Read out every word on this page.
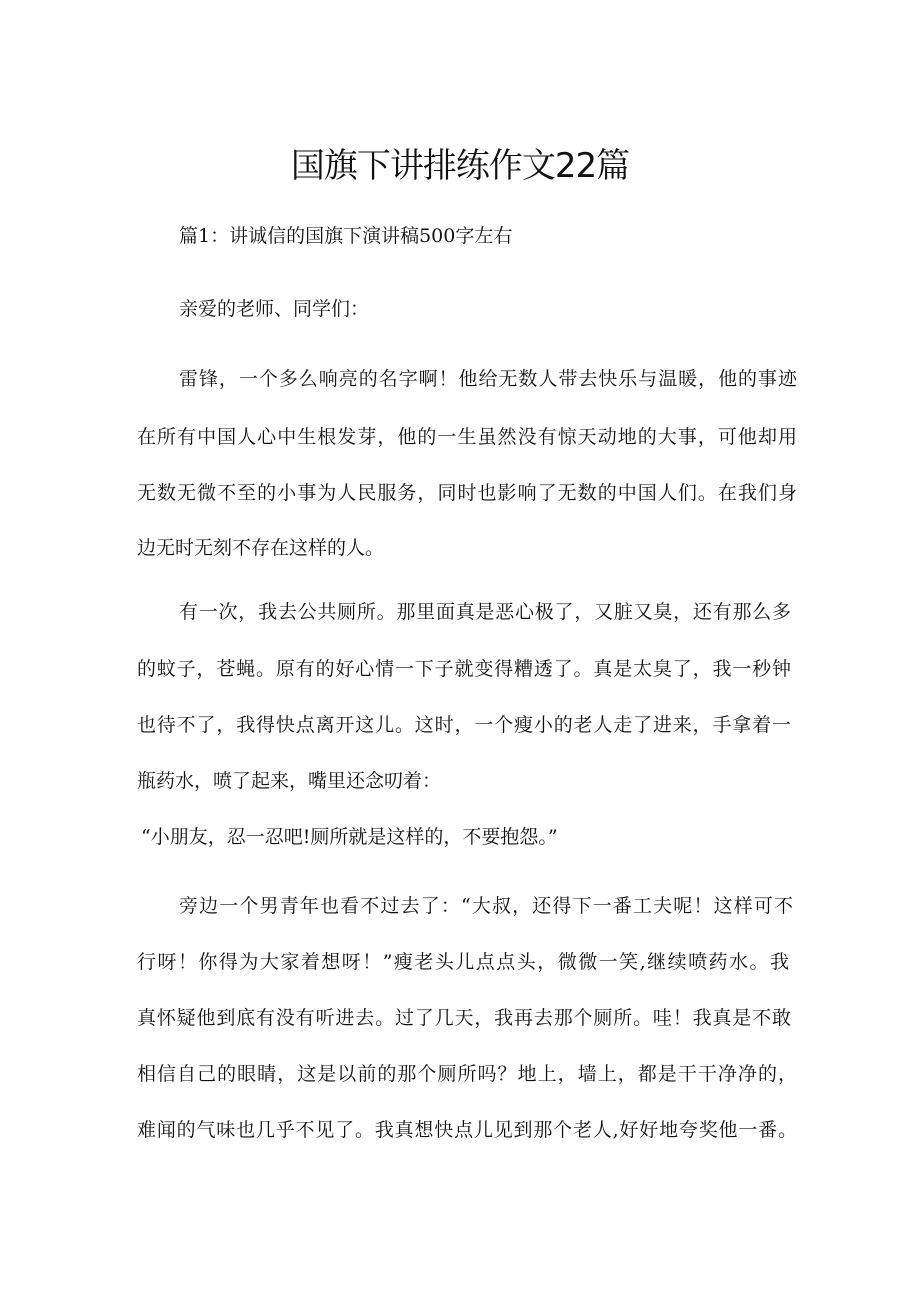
国旗下讲排练作文22篇

篇1：讲诚信的国旗下演讲稿500字左右

亲爱的老师、同学们：

雷锋，一个多么响亮的名字啊！他给无数人带去快乐与温暖，他的事迹

在所有中国人心中生根发芽，他的一生虽然没有惊天动地的大事，可他却用

无数无微不至的小事为人民服务，同时也影响了无数的中国人们。在我们身

边无时无刻不存在这样的人。

有一次，我去公共厕所。那里面真是恶心极了，又脏又臭，还有那么多

的蚊子，苍蝇。原有的好心情一下子就变得糟透了。真是太臭了，我一秒钟

也待不了，我得快点离开这儿。这时，一个瘦小的老人走了进来，手拿着一

瓶药水，喷了起来，嘴里还念叨着：

“小朋友，忍一忍吧!厕所就是这样的，不要抱怨。”

旁边一个男青年也看不过去了：“大叔，还得下一番工夫呢！这样可不

行呀！你得为大家着想呀！”瘦老头儿点点头，微微一笑,继续喷药水。我

真怀疑他到底有没有听进去。过了几天，我再去那个厕所。哇！我真是不敢

相信自己的眼睛，这是以前的那个厕所吗？地上，墙上，都是干干净净的，

难闻的气味也几乎不见了。我真想快点儿见到那个老人,好好地夸奖他一番。
